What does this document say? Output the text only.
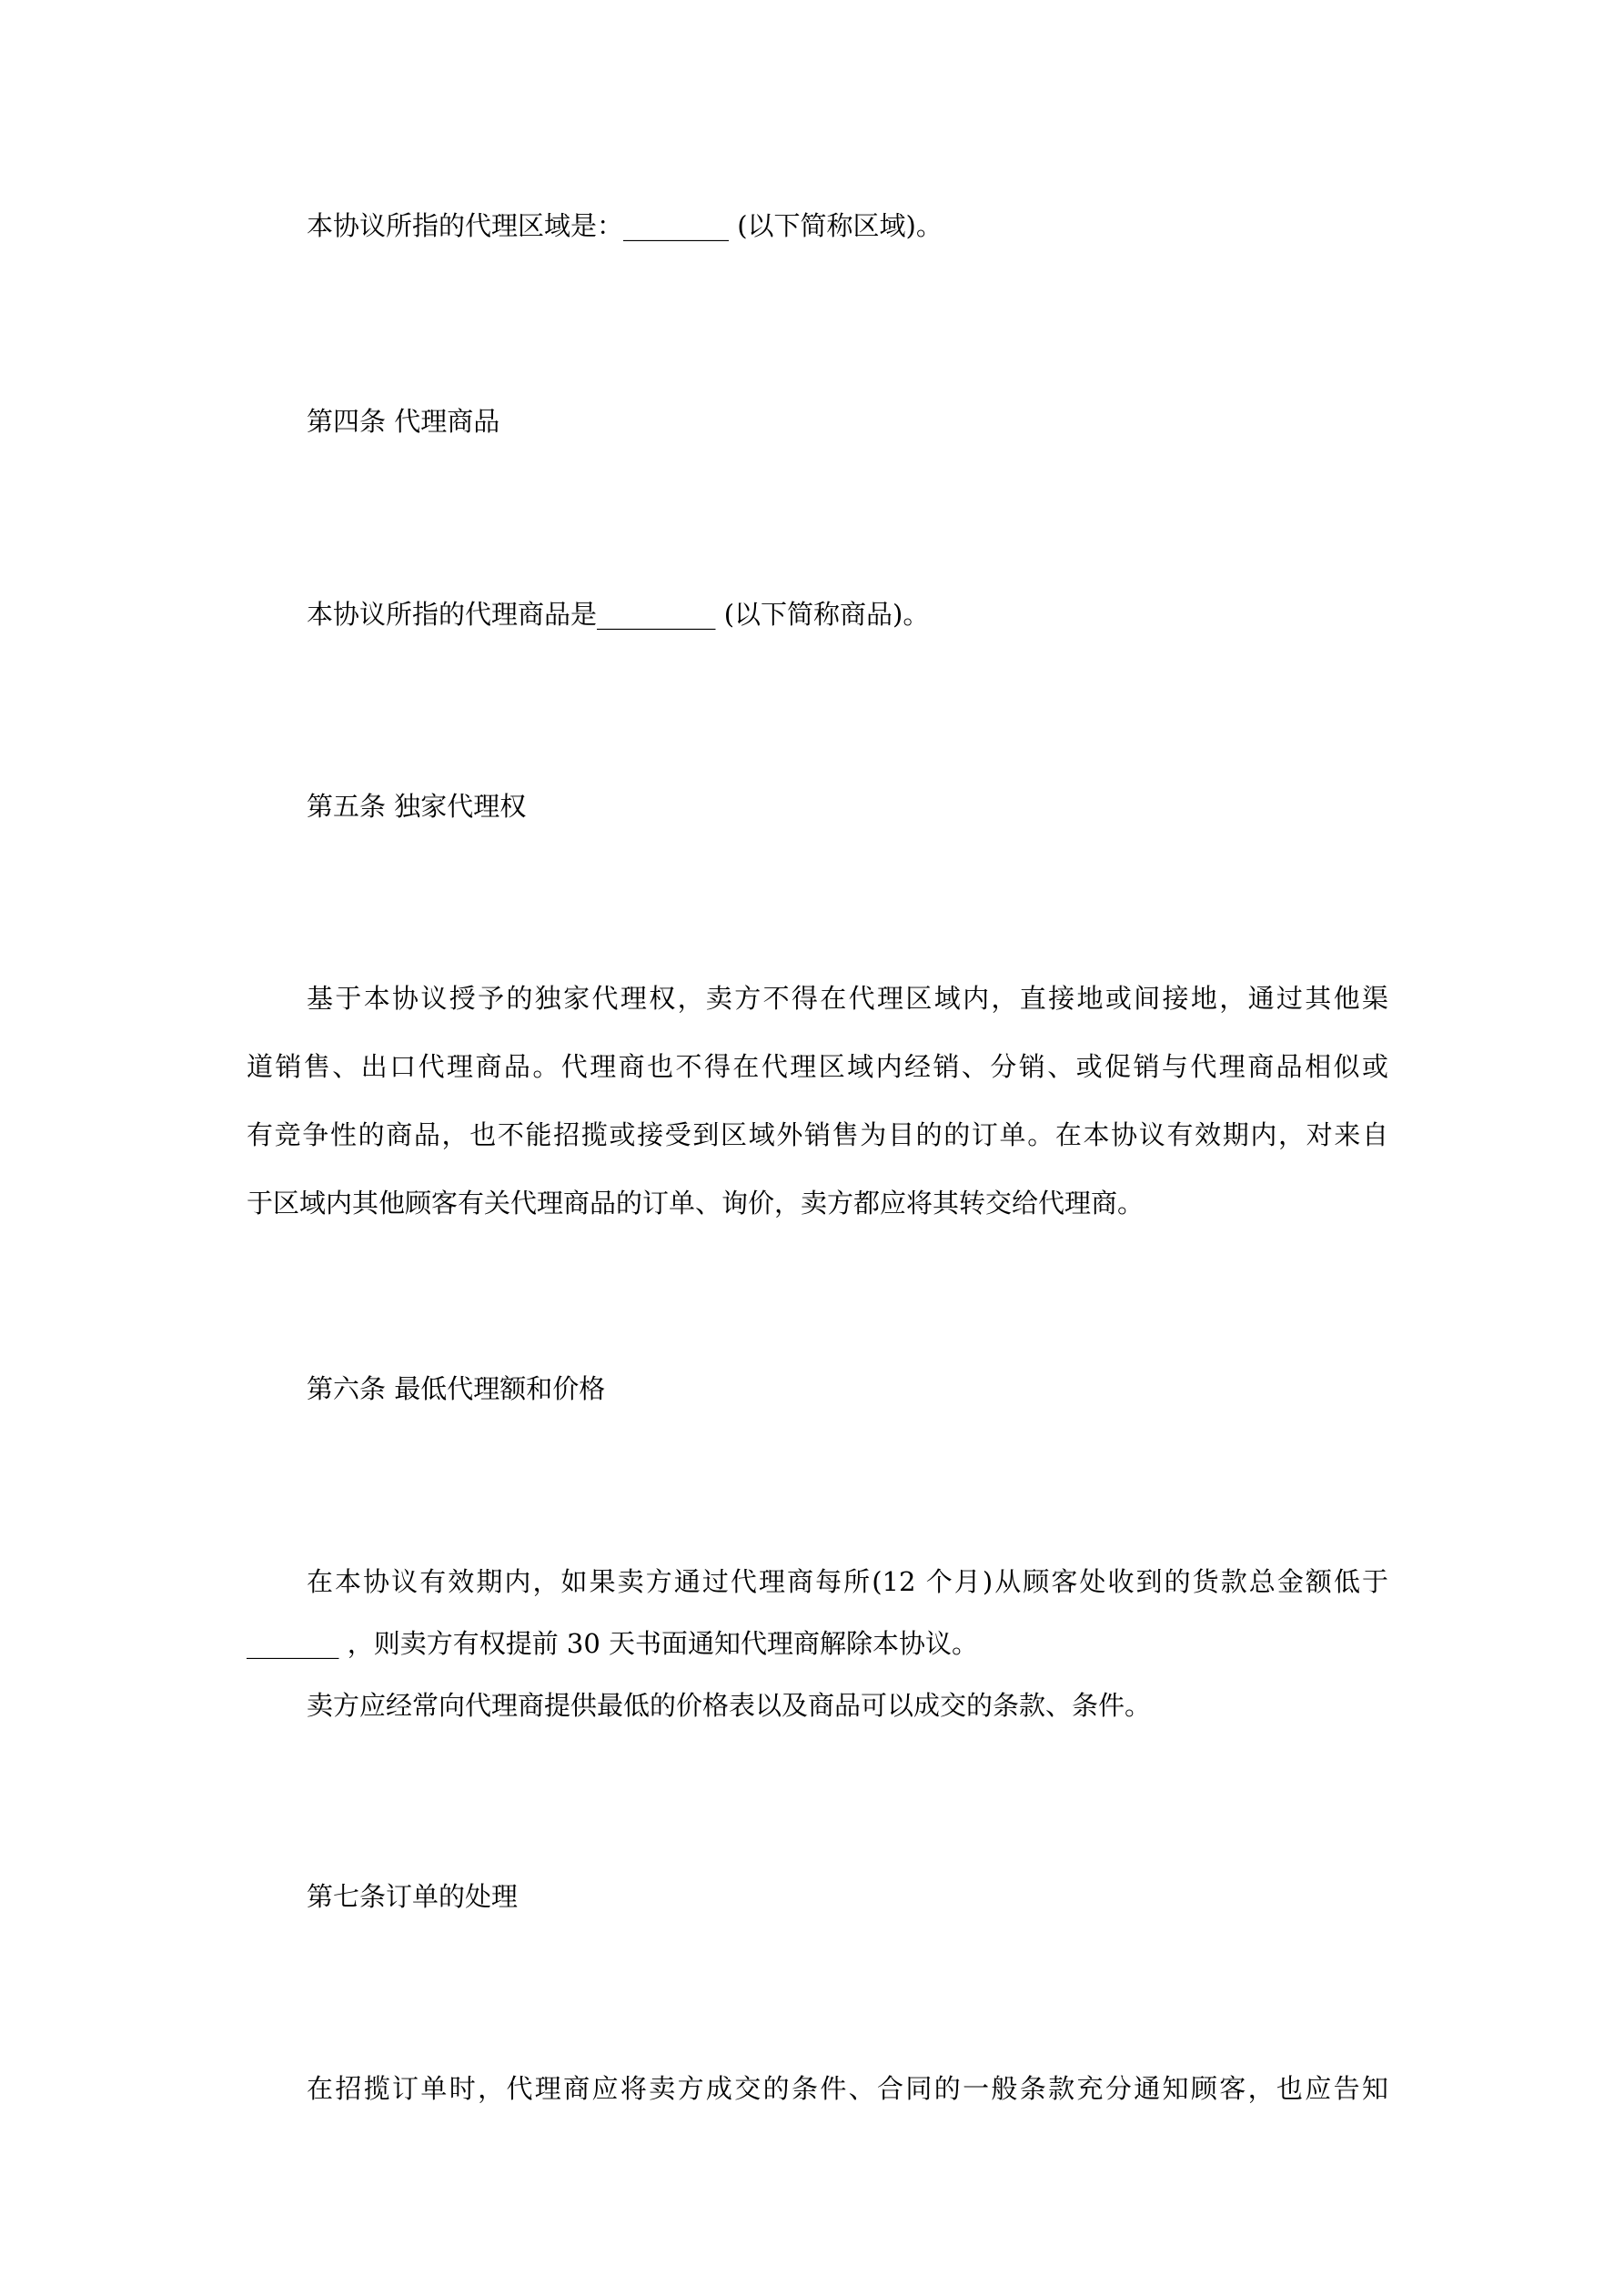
本协议所指的代理区域是：________ (以下简称区域)。
第四条 代理商品
本协议所指的代理商品是_________ (以下简称商品)。
第五条 独家代理权
基于本协议授予的独家代理权，卖方不得在代理区域内，直接地或间接地，通过其他渠
道销售、出口代理商品。代理商也不得在代理区域内经销、分销、或促销与代理商品相似或
有竞争性的商品，也不能招揽或接受到区域外销售为目的的订单。在本协议有效期内，对来自
于区域内其他顾客有关代理商品的订单、询价，卖方都应将其转交给代理商。
第六条 最低代理额和价格
在本协议有效期内，如果卖方通过代理商每所(12 个月)从顾客处收到的货款总金额低于
_______ ，则卖方有权提前 30 天书面通知代理商解除本协议。
卖方应经常向代理商提供最低的价格表以及商品可以成交的条款、条件。
第七条订单的处理
在招揽订单时，代理商应将卖方成交的条件、合同的一般条款充分通知顾客，也应告知
